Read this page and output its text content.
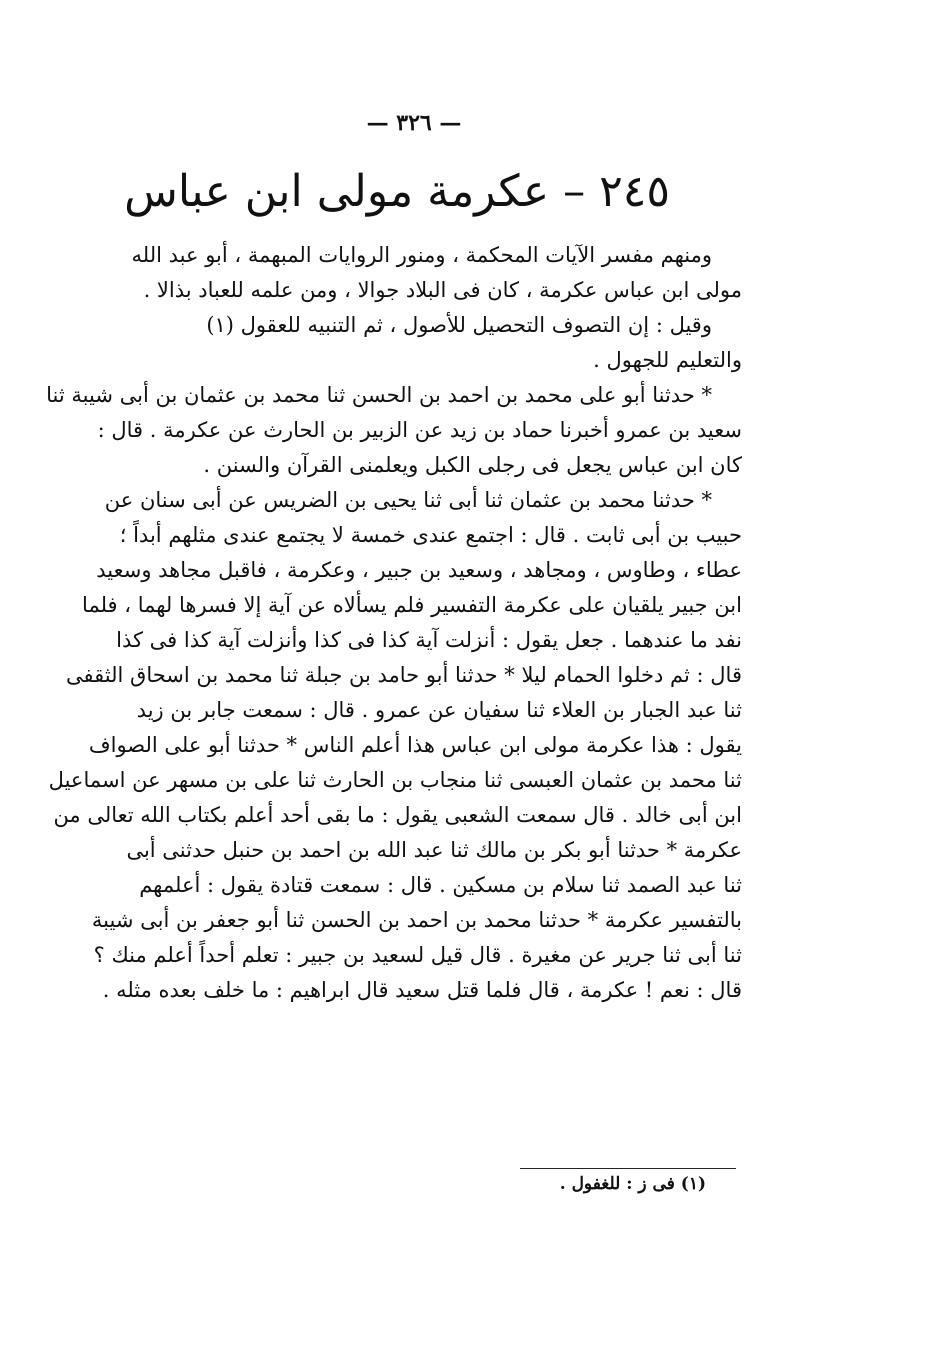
— ٣٢٦ —
٢٤٥ – عكرمة مولى ابن عباس

ومنهم مفسر الآيات المحكمة ، ومنور الروايات المبهمة ، أبو عبد الله

مولى ابن عباس عكرمة ، كان فى البلاد جوالا ، ومن علمه للعباد بذالا .

وقيل : إن التصوف التحصيل للأصول ، ثم التنبيه للعقول (١)

والتعليم للجهول .

* حدثنا أبو على محمد بن احمد بن الحسن ثنا محمد بن عثمان بن أبى شيبة ثنا

سعيد بن عمرو أخبرنا حماد بن زيد عن الزبير بن الحارث عن عكرمة . قال :

كان ابن عباس يجعل فى رجلى الكبل ويعلمنى القرآن والسنن .

* حدثنا محمد بن عثمان ثنا أبى ثنا يحيى بن الضريس عن أبى سنان عن

حبيب بن أبى ثابت . قال : اجتمع عندى خمسة لا يجتمع عندى مثلهم أبداً ؛

عطاء ، وطاوس ، ومجاهد ، وسعيد بن جبير ، وعكرمة ، فاقبل مجاهد وسعيد

ابن جبير يلقيان على عكرمة التفسير فلم يسألاه عن آية إلا فسرها لهما ، فلما

نفد ما عندهما . جعل يقول : أنزلت آية كذا فى كذا وأنزلت آية كذا فى كذا

قال : ثم دخلوا الحمام ليلا * حدثنا أبو حامد بن جبلة ثنا محمد بن اسحاق الثقفى

ثنا عبد الجبار بن العلاء ثنا سفيان عن عمرو . قال : سمعت جابر بن زيد

يقول : هذا عكرمة مولى ابن عباس هذا أعلم الناس * حدثنا أبو على الصواف

ثنا محمد بن عثمان العبسى ثنا منجاب بن الحارث ثنا على بن مسهر عن اسماعيل

ابن أبى خالد . قال سمعت الشعبى يقول : ما بقى أحد أعلم بكتاب الله تعالى من

عكرمة * حدثنا أبو بكر بن مالك ثنا عبد الله بن احمد بن حنبل حدثنى أبى

ثنا عبد الصمد ثنا سلام بن مسكين . قال : سمعت قتادة يقول : أعلمهم

بالتفسير عكرمة * حدثنا محمد بن احمد بن الحسن ثنا أبو جعفر بن أبى شيبة

ثنا أبى ثنا جرير عن مغيرة . قال قيل لسعيد بن جبير : تعلم أحداً أعلم منك ؟

قال : نعم ! عكرمة ، قال فلما قتل سعيد قال ابراهيم : ما خلف بعده مثله .

(١) فى ز : للغفول .
